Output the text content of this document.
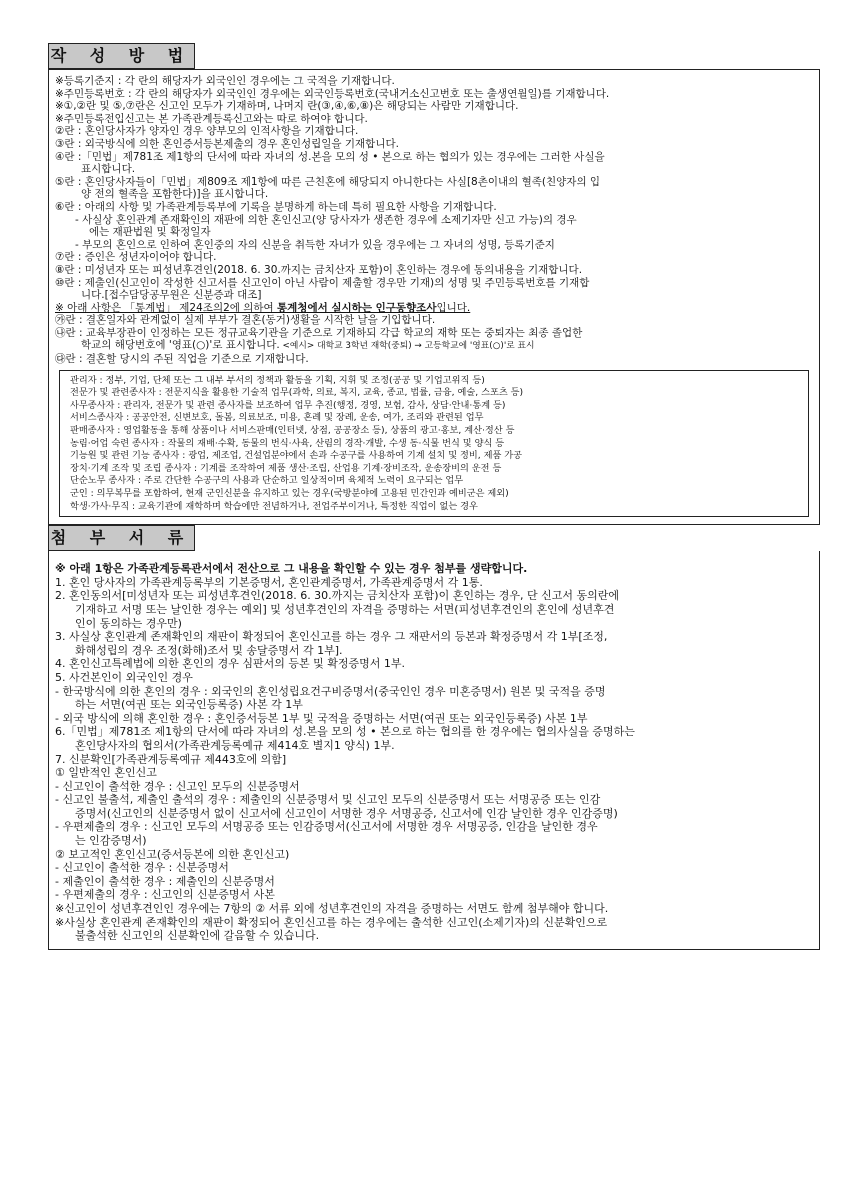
작 성 방 법
※등록기준지 : 각 란의 해당자가 외국인인 경우에는 그 국적을 기재합니다.
※주민등록번호 : 각 란의 해당자가 외국인인 경우에는 외국인등록번호(국내거소신고번호 또는 출생연월일)를 기재합니다.
※①,②란 및 ⑤,⑦란은 신고인 모두가 기재하며, 나머지 란(③,④,⑥,⑧)은 해당되는 사람만 기재합니다.
※주민등록전입신고는 본 가족관계등록신고와는 따로 하여야 합니다.
②란 : 혼인당사자가 양자인 경우 양부모의 인적사항을 기재합니다.
③란 : 외국방식에 의한 혼인증서등본제출의 경우 혼인성립일을 기재합니다.
④란 :「민법」제781조 제1항의 단서에 따라 자녀의 성.본을 모의 성 • 본으로 하는 협의가 있는 경우에는 그러한 사실을
표시합니다.
⑤란 : 혼인당사자들이「민법」제809조 제1항에 따른 근친혼에 해당되지 아니한다는 사실[8촌이내의 혈족(친양자의 입
양 전의 혈족을 포함한다)]을 표시합니다.
⑥란 : 아래의 사항 및 가족관계등록부에 기록을 분명하게 하는데 특히 필요한 사항을 기재합니다.
- 사실상 혼인관계 존재확인의 재판에 의한 혼인신고(양 당사자가 생존한 경우에 소제기자만 신고 가능)의 경우
에는 재판법원 및 확정일자
- 부모의 혼인으로 인하여 혼인중의 자의 신분을 취득한 자녀가 있을 경우에는 그 자녀의 성명, 등록기준지
⑦란 : 증인은 성년자이어야 합니다.
⑧란 : 미성년자 또는 피성년후견인(2018. 6. 30.까지는 금치산자 포함)이 혼인하는 경우에 동의내용을 기재합니다.
⑩란 : 제출인(신고인이 작성한 신고서를 신고인이 아닌 사람이 제출할 경우만 기재)의 성명 및 주민등록번호를 기재합
니다.[접수담당공무원은 신분증과 대조]
※ 아래 사항은 「통계법」 제24조의2에 의하여 통계청에서 실시하는 인구동향조사입니다.
㉮란 : 결혼일자와 관계없이 실제 부부가 결혼(동거)생활을 시작한 날을 기입합니다.
㉯란 : 교육부장관이 인정하는 모든 정규교육기관을 기준으로 기재하되 각급 학교의 재학 또는 중퇴자는 최종 졸업한
학교의 해당번호에 '영표(○)'로 표시합니다. <예시> 대학교 3학년 재학(중퇴) → 고등학교에 '영표(○)'로 표시
㉰란 : 결혼할 당시의 주된 직업을 기준으로 기재합니다.
관리자 : 정부, 기업, 단체 또는 그 내부 부서의 정책과 활동을 기획, 지휘 및 조정(공공 및 기업고위직 등)
전문가 및 관련종사자 : 전문지식을 활용한 기술적 업무(과학, 의료, 복지, 교육, 종교, 법률, 금융, 예술, 스포츠 등)
사무종사자 : 관리자, 전문가 및 관련 종사자를 보조하여 업무 추진(행정, 경영, 보험, 감사, 상담·안내·통계 등)
서비스종사자 : 공공안전, 신변보호, 돌봄, 의료보조, 미용, 혼례 및 장례, 운송, 여가, 조리와 관련된 업무
판매종사자 : 영업활동을 통해 상품이나 서비스판매(인터넷, 상점, 공공장소 등), 상품의 광고·홍보, 계산·정산 등
농림·어업 숙련 종사자 : 작물의 재배·수확, 동물의 번식·사육, 산림의 경작·개발, 수생 동·식물 번식 및 양식 등
기능원 및 관련 기능 종사자 : 광업, 제조업, 건설업분야에서 손과 수공구를 사용하여 기계 설치 및 정비, 제품 가공
장치·기계 조작 및 조립 종사자 : 기계를 조작하여 제품 생산·조립, 산업용 기계·장비조작, 운송장비의 운전 등
단순노무 종사자 : 주로 간단한 수공구의 사용과 단순하고 일상적이며 육체적 노력이 요구되는 업무
군인 : 의무복무를 포함하여, 현재 군인신분을 유지하고 있는 경우(국방분야에 고용된 민간인과 예비군은 제외)
학생·가사·무직 : 교육기관에 재학하며 학습에만 전념하거나, 전업주부이거나, 특정한 직업이 없는 경우
첨 부 서 류
※ 아래 1항은 가족관계등록관서에서 전산으로 그 내용을 확인할 수 있는 경우 첨부를 생략합니다.
1. 혼인 당사자의 가족관계등록부의 기본증명서, 혼인관계증명서, 가족관계증명서 각 1통.
2. 혼인동의서[미성년자 또는 피성년후견인(2018. 6. 30.까지는 금치산자 포함)이 혼인하는 경우, 단 신고서 동의란에
기재하고 서명 또는 날인한 경우는 예외] 및 성년후견인의 자격을 증명하는 서면(피성년후견인의 혼인에 성년후견
인이 동의하는 경우만)
3. 사실상 혼인관계 존재확인의 재판이 확정되어 혼인신고를 하는 경우 그 재판서의 등본과 확정증명서 각 1부[조정,
화해성립의 경우 조정(화해)조서 및 송달증명서 각 1부].
4. 혼인신고특례법에 의한 혼인의 경우 심판서의 등본 및 확정증명서 1부.
5. 사건본인이 외국인인 경우
- 한국방식에 의한 혼인의 경우 : 외국인의 혼인성립요건구비증명서(중국인인 경우 미혼증명서) 원본 및 국적을 증명
하는 서면(여권 또는 외국인등록증) 사본 각 1부
- 외국 방식에 의해 혼인한 경우 : 혼인증서등본 1부 및 국적을 증명하는 서면(여권 또는 외국인등록증) 사본 1부
6.「민법」제781조 제1항의 단서에 따라 자녀의 성.본을 모의 성 • 본으로 하는 협의를 한 경우에는 협의사실을 증명하는
혼인당사자의 협의서(가족관계등록예규 제414호 별지1 양식) 1부.
7. 신분확인[가족관계등록예규 제443호에 의함]
① 일반적인 혼인신고
- 신고인이 출석한 경우 : 신고인 모두의 신분증명서
- 신고인 불출석, 제출인 출석의 경우 : 제출인의 신분증명서 및 신고인 모두의 신분증명서 또는 서명공증 또는 인감
증명서(신고인의 신분증명서 없이 신고서에 신고인이 서명한 경우 서명공증, 신고서에 인감 날인한 경우 인감증명)
- 우편제출의 경우 : 신고인 모두의 서명공증 또는 인감증명서(신고서에 서명한 경우 서명공증, 인감을 날인한 경우
는 인감증명서)
② 보고적인 혼인신고(증서등본에 의한 혼인신고)
- 신고인이 출석한 경우 : 신분증명서
- 제출인이 출석한 경우 : 제출인의 신분증명서
- 우편제출의 경우 : 신고인의 신분증명서 사본
※신고인이 성년후견인인 경우에는 7항의 ② 서류 외에 성년후견인의 자격을 증명하는 서면도 함께 첨부해야 합니다.
※사실상 혼인관계 존재확인의 재판이 확정되어 혼인신고를 하는 경우에는 출석한 신고인(소제기자)의 신분확인으로
불출석한 신고인의 신분확인에 갈음할 수 있습니다.
